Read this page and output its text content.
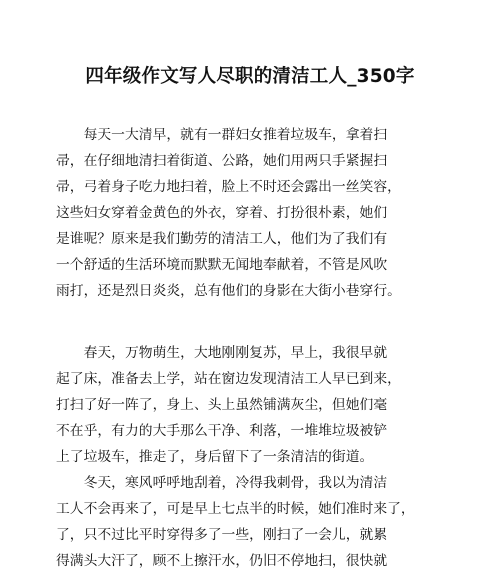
四年级作文写人尽职的清洁工人_350字
　　每天一大清早，就有一群妇女推着垃圾车，拿着扫
帚，在仔细地清扫着街道、公路，她们用两只手紧握扫
帚，弓着身子吃力地扫着，脸上不时还会露出一丝笑容，
这些妇女穿着金黄色的外衣，穿着、打扮很朴素，她们
是谁呢？原来是我们勤劳的清洁工人，他们为了我们有
一个舒适的生活环境而默默无闻地奉献着，不管是风吹
雨打，还是烈日炎炎，总有他们的身影在大街小巷穿行。
　　春天，万物萌生，大地刚刚复苏，早上，我很早就
起了床，准备去上学，站在窗边发现清洁工人早已到来，
打扫了好一阵了，身上、头上虽然铺满灰尘，但她们毫
不在乎，有力的大手那么干净、利落，一堆堆垃圾被铲
上了垃圾车，推走了，身后留下了一条清洁的街道。
　　冬天，寒风呼呼地刮着，冷得我刺骨，我以为清洁
工人不会再来了，可是早上七点半的时候，她们准时来了，
了，只不过比平时穿得多了一些，刚扫了一会儿，就累
得满头大汗了，顾不上擦汗水，仍旧不停地扫，很快就
